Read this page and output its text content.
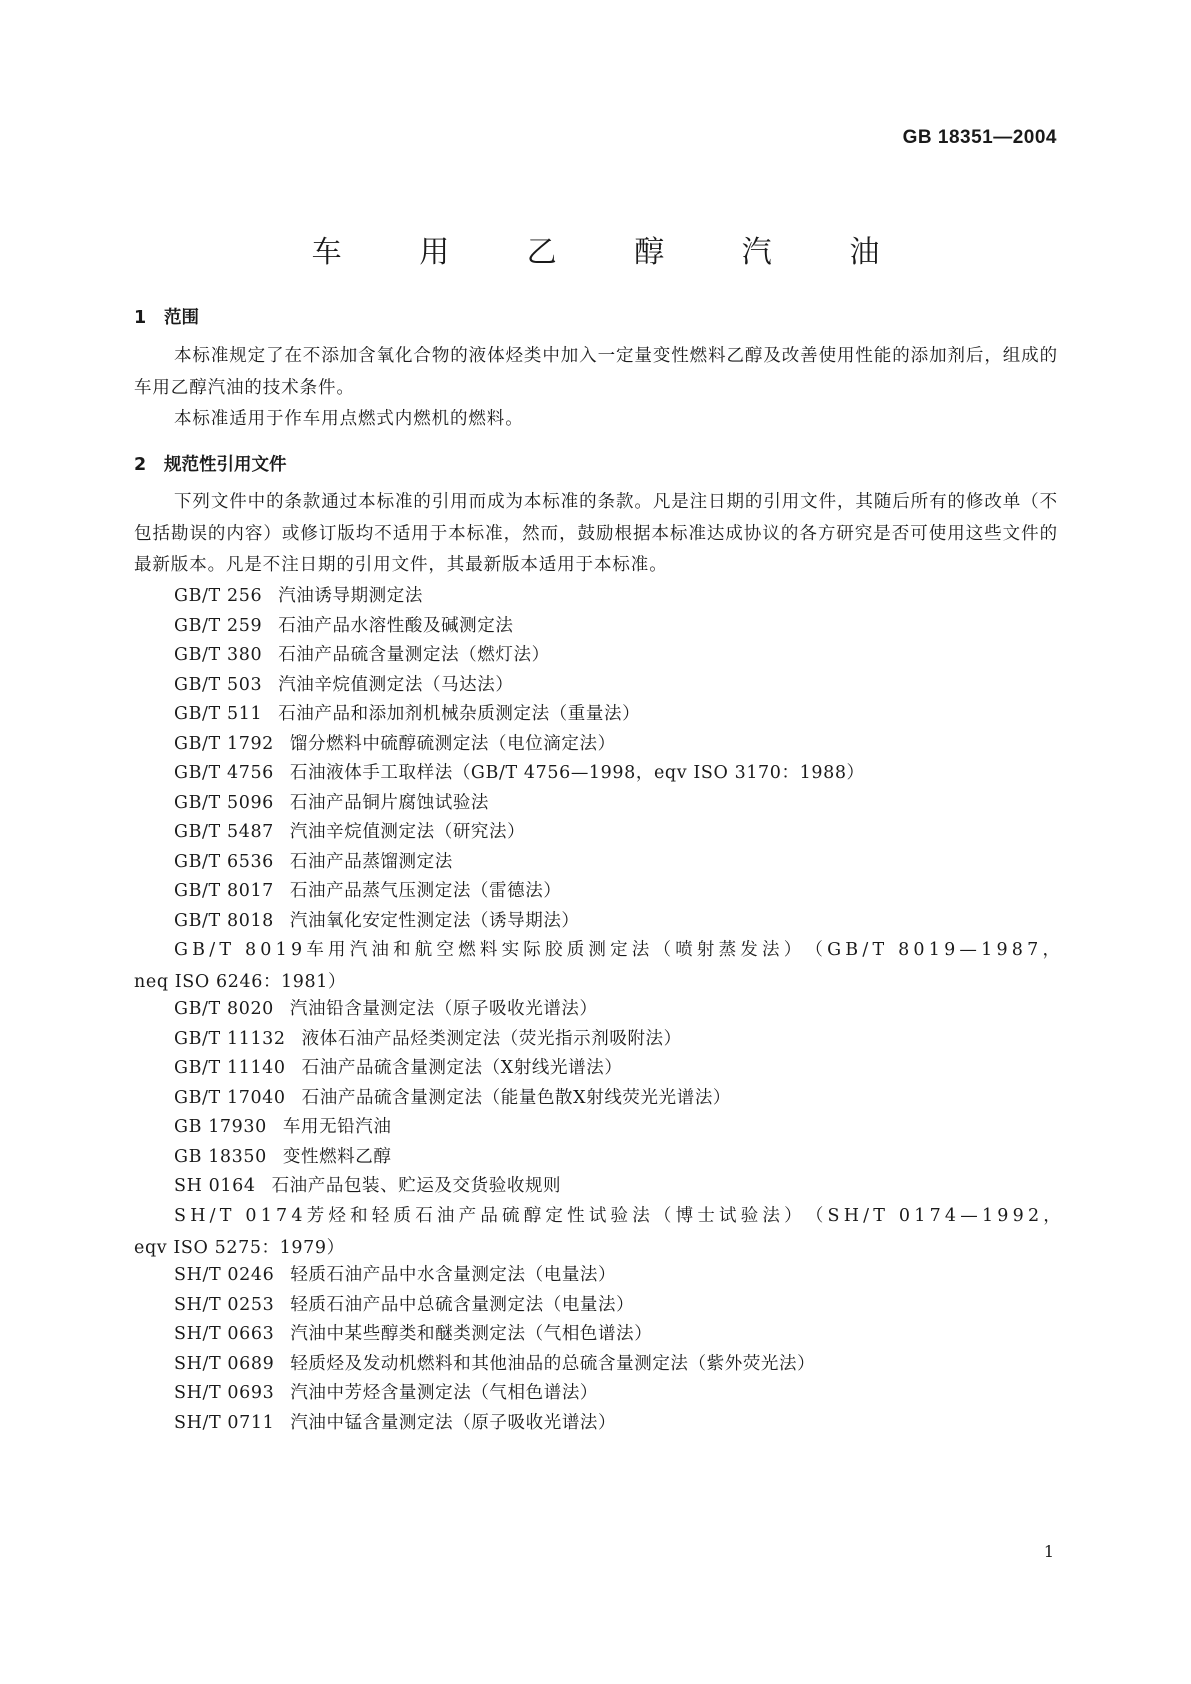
GB 18351—2004
车 用 乙 醇 汽 油
1 范围
本标准规定了在不添加含氧化合物的液体烃类中加入一定量变性燃料乙醇及改善使用性能的添加剂后，组成的车用乙醇汽油的技术条件。
本标准适用于作车用点燃式内燃机的燃料。
2 规范性引用文件
下列文件中的条款通过本标准的引用而成为本标准的条款。凡是注日期的引用文件，其随后所有的修改单（不包括勘误的内容）或修订版均不适用于本标准，然而，鼓励根据本标准达成协议的各方研究是否可使用这些文件的最新版本。凡是不注日期的引用文件，其最新版本适用于本标准。
GB/T 256 汽油诱导期测定法
GB/T 259 石油产品水溶性酸及碱测定法
GB/T 380 石油产品硫含量测定法（燃灯法）
GB/T 503 汽油辛烷值测定法（马达法）
GB/T 511 石油产品和添加剂机械杂质测定法（重量法）
GB/T 1792 馏分燃料中硫醇硫测定法（电位滴定法）
GB/T 4756 石油液体手工取样法（GB/T 4756—1998，eqv ISO 3170：1988）
GB/T 5096 石油产品铜片腐蚀试验法
GB/T 5487 汽油辛烷值测定法（研究法）
GB/T 6536 石油产品蒸馏测定法
GB/T 8017 石油产品蒸气压测定法（雷德法）
GB/T 8018 汽油氧化安定性测定法（诱导期法）
GB/T 8019 车用汽油和航空燃料实际胶质测定法（喷射蒸发法） （GB/T 8019—1987，
neq ISO 6246：1981）
GB/T 8020 汽油铅含量测定法（原子吸收光谱法）
GB/T 11132 液体石油产品烃类测定法（荧光指示剂吸附法）
GB/T 11140 石油产品硫含量测定法（X射线光谱法）
GB/T 17040 石油产品硫含量测定法（能量色散X射线荧光光谱法）
GB 17930 车用无铅汽油
GB 18350 变性燃料乙醇
SH 0164 石油产品包装、贮运及交货验收规则
SH/T 0174 芳烃和轻质石油产品硫醇定性试验法（博士试验法） （SH/T 0174—1992，
eqv ISO 5275：1979）
SH/T 0246 轻质石油产品中水含量测定法（电量法）
SH/T 0253 轻质石油产品中总硫含量测定法（电量法）
SH/T 0663 汽油中某些醇类和醚类测定法（气相色谱法）
SH/T 0689 轻质烃及发动机燃料和其他油品的总硫含量测定法（紫外荧光法）
SH/T 0693 汽油中芳烃含量测定法（气相色谱法）
SH/T 0711 汽油中锰含量测定法（原子吸收光谱法）
1
